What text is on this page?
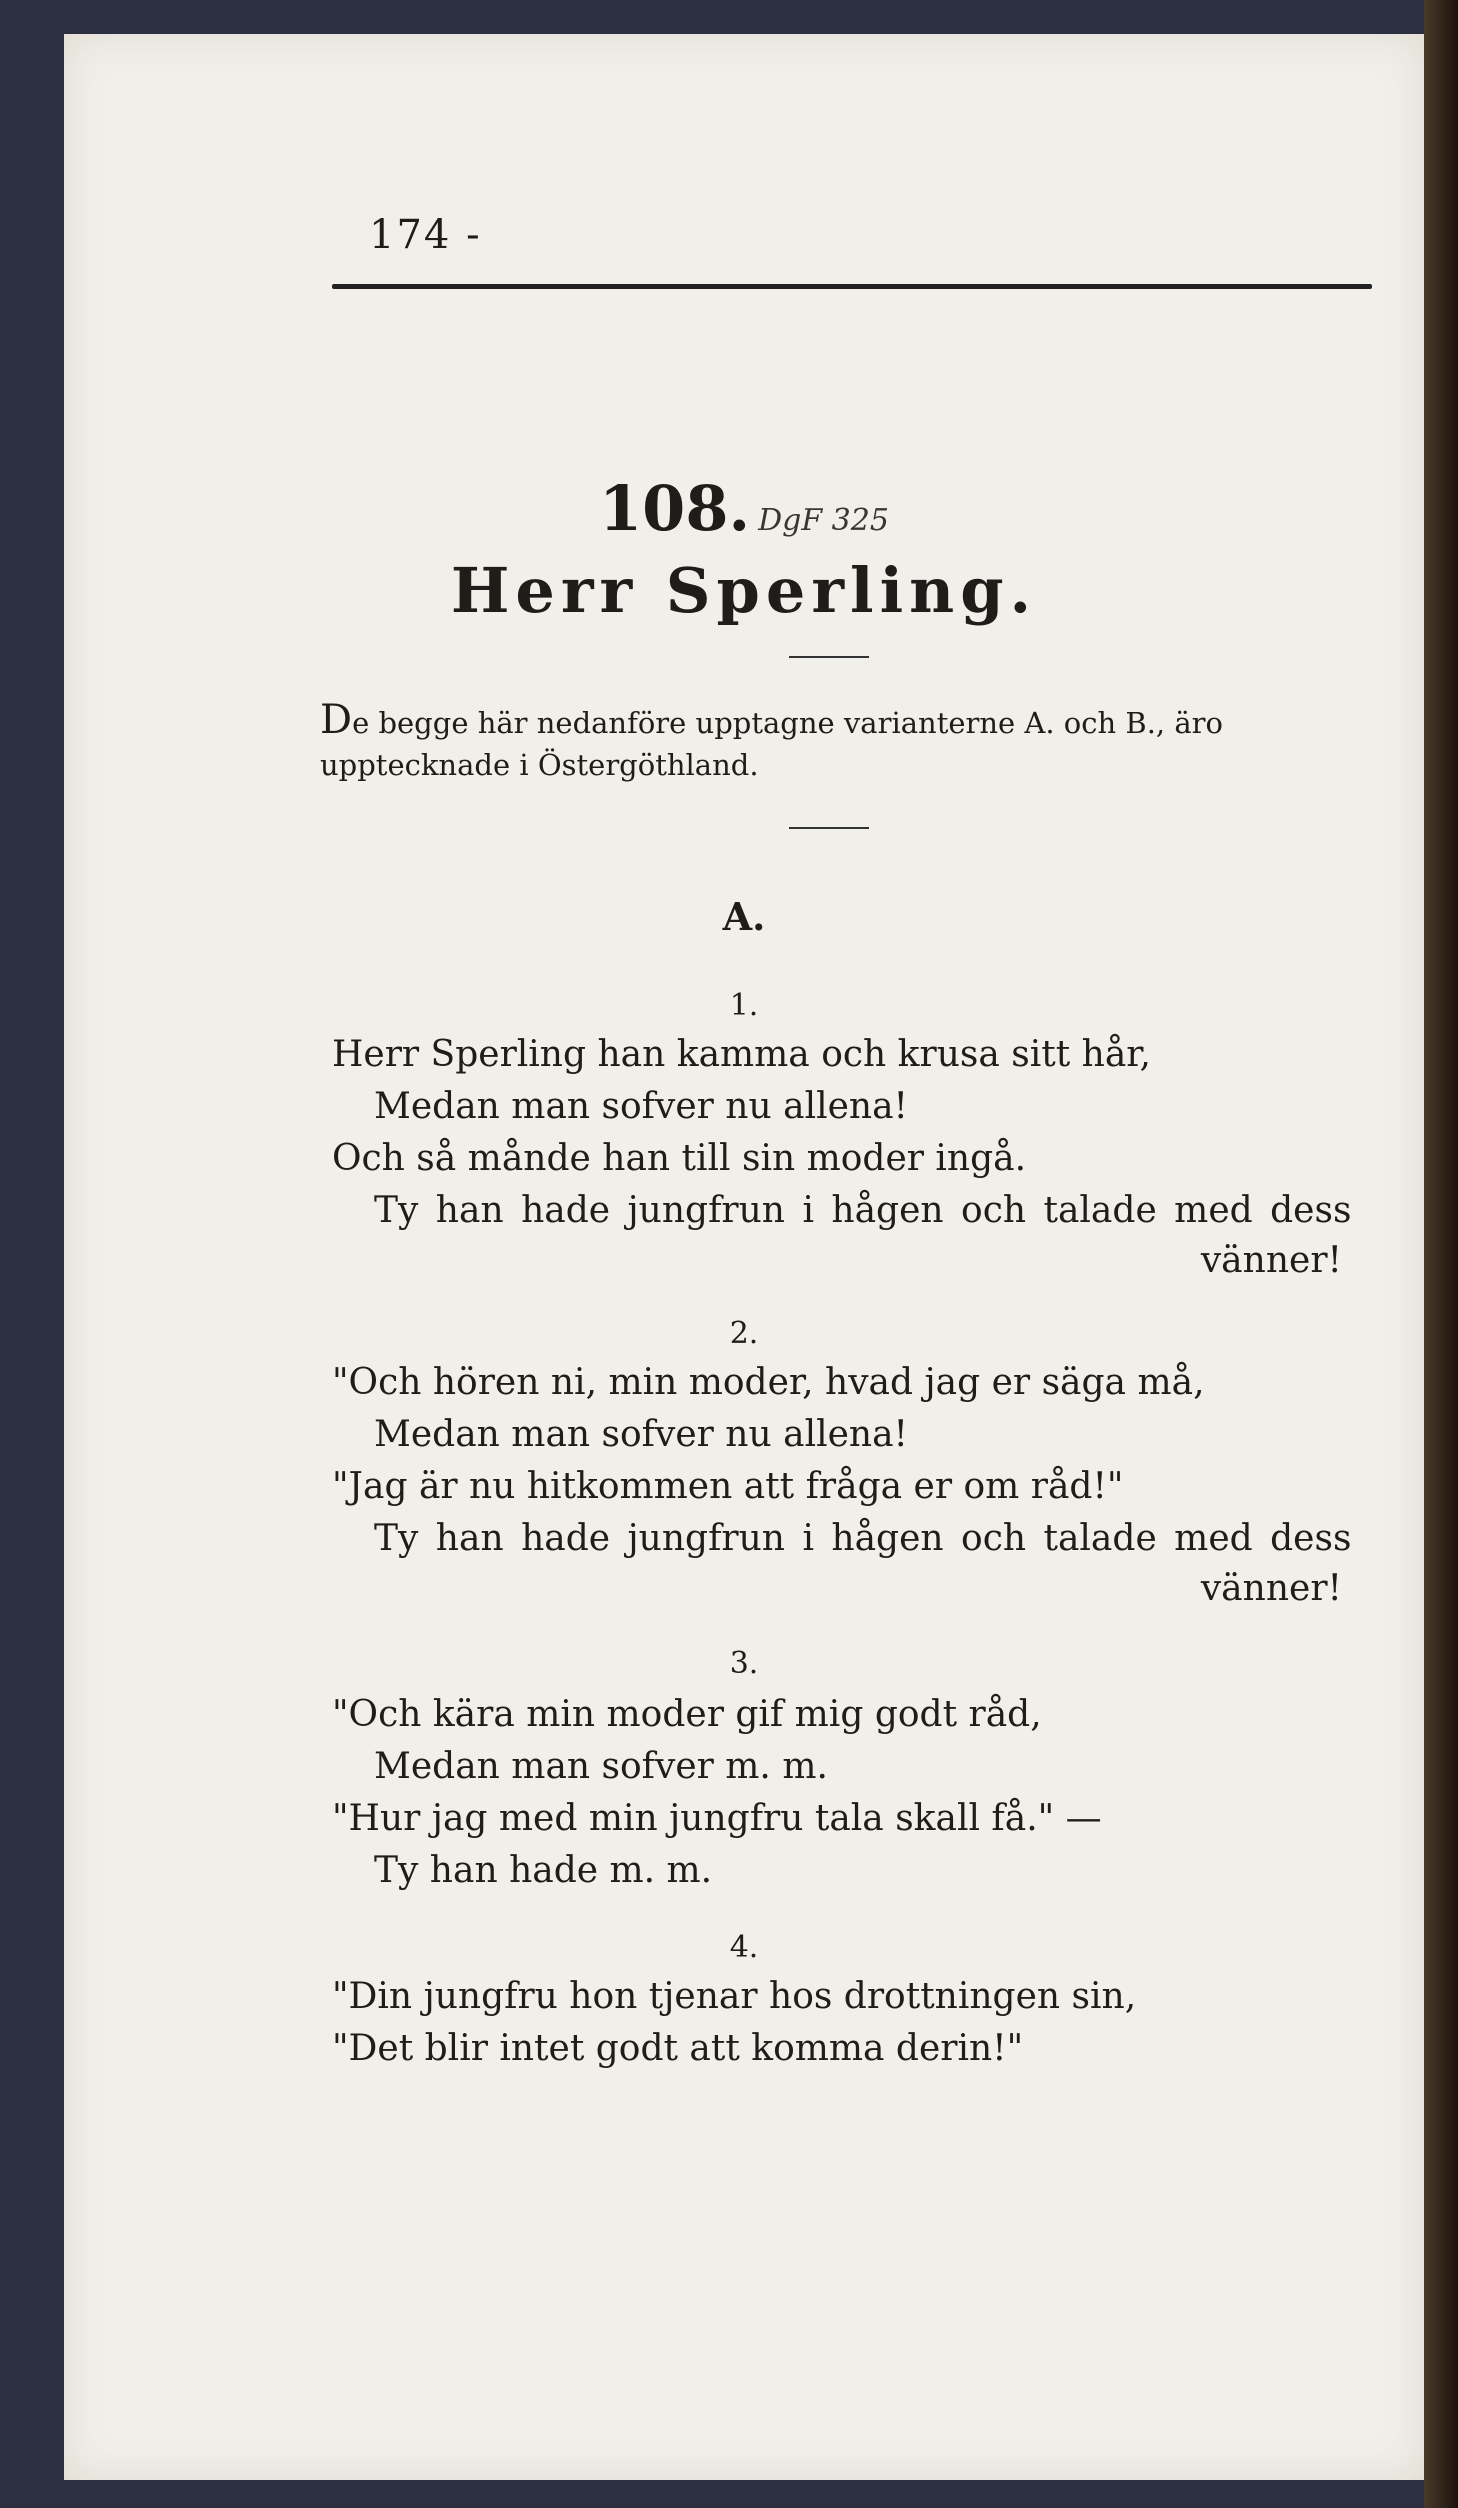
174 -
108. DgF 325
Herr Sperling.
De begge här nedanföre upptagne varianterne A. och B., äro upptecknade i Östergöthland.
A.
1.
Herr Sperling han kamma och krusa sitt hår,
Medan man sofver nu allena!
Och så månde han till sin moder ingå.
Ty han hade jungfrun i hågen och talade med dess
vänner!
2.
"Och hören ni, min moder, hvad jag er säga må,
Medan man sofver nu allena!
"Jag är nu hitkommen att fråga er om råd!"
Ty han hade jungfrun i hågen och talade med dess
vänner!
3.
"Och kära min moder gif mig godt råd,
Medan man sofver m. m.
"Hur jag med min jungfru tala skall få." —
Ty han hade m. m.
4.
"Din jungfru hon tjenar hos drottningen sin,
"Det blir intet godt att komma derin!"
